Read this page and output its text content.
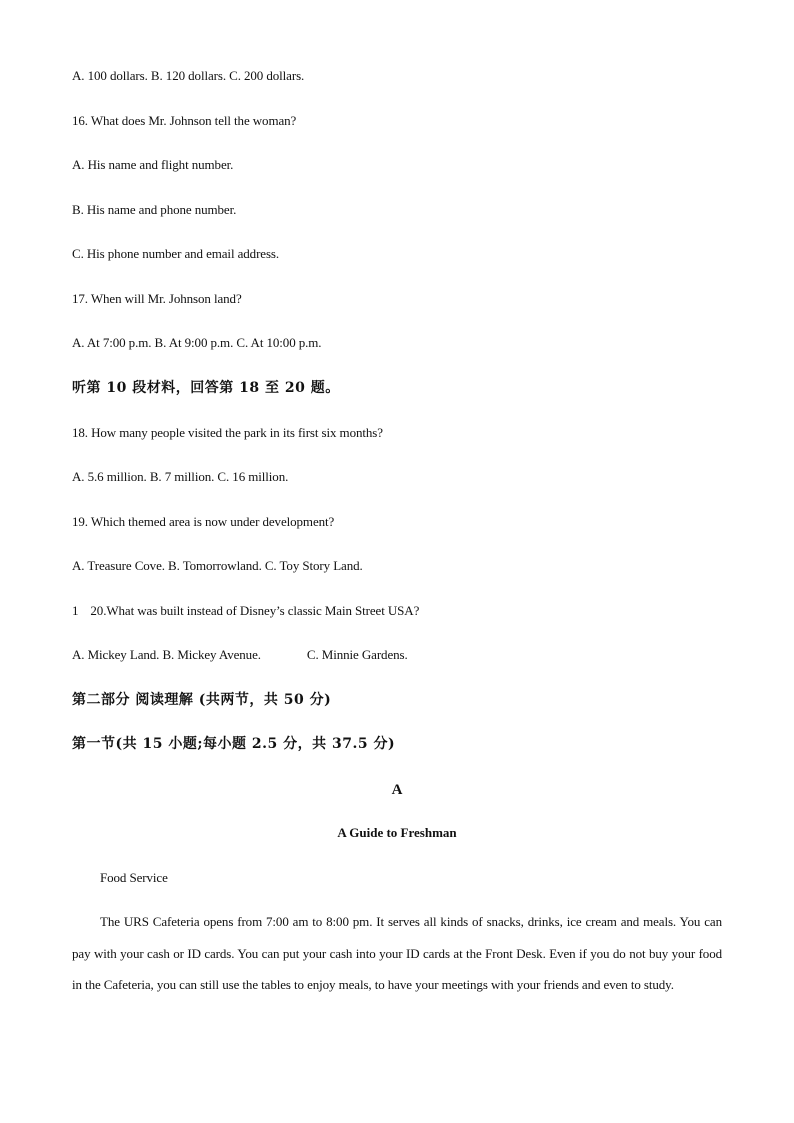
A. 100 dollars. B. 120 dollars. C. 200 dollars.
16. What does Mr. Johnson tell the woman?
A. His name and flight number.
B. His name and phone number.
C. His phone number and email address.
17. When will Mr. Johnson land?
A. At 7:00 p.m. B. At 9:00 p.m. C. At 10:00 p.m.
听第 10 段材料，回答第 18 至 20 题。
18. How many people visited the park in its first six months?
A. 5.6 million. B. 7 million. C. 16 million.
19. Which themed area is now under development?
A. Treasure Cove. B. Tomorrowland. C. Toy Story Land.
1 20.What was built instead of Disney’s classic Main Street USA?
A. Mickey Land. B. Mickey Avenue.	C. Minnie Gardens.
第二部分 阅读理解 (共两节，共 50 分)
第一节(共 15 小题;每小题 2.5 分，共 37.5 分)
A
A Guide to Freshman
Food Service
The URS Cafeteria opens from 7:00 am to 8:00 pm. It serves all kinds of snacks, drinks, ice cream and meals. You can pay with your cash or ID cards. You can put your cash into your ID cards at the Front Desk. Even if you do not buy your food in the Cafeteria, you can still use the tables to enjoy meals, to have your meetings with your friends and even to study.
